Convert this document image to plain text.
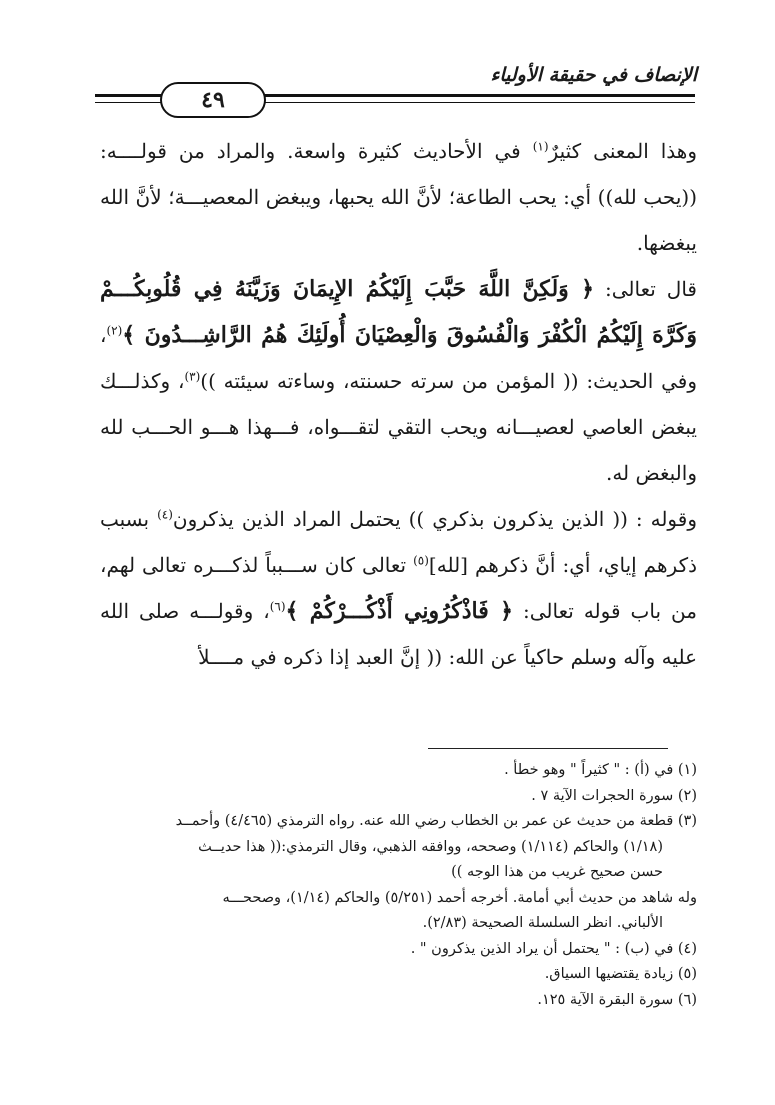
الإنصاف في حقيقة الأولياء
٤٩

وهذا المعنى كثيرٌ$^{(١)}$ في الأحاديث كثيرة واسعة. والمراد من قولــــه: ((يحب لله)) أي: يحب الطاعة؛ لأنَّ الله يحبها، ويبغض المعصيـــة؛ لأنَّ الله يبغضها.

قال تعالى: ﴿ وَلَكِنَّ اللَّهَ حَبَّبَ إِلَيْكُمُ الإِيمَانَ وَزَيَّنَهُ فِي قُلُوبِكُـــمْ وَكَرَّهَ إِلَيْكُمُ الْكُفْرَ وَالْفُسُوقَ وَالْعِصْيَانَ أُولَئِكَ هُمُ الرَّاشِـــدُونَ ﴾$^{(٢)}$، وفي الحديث: (( المؤمن من سرته حسنته، وساءته سيئته ))$^{(٣)}$، وكذلـــك يبغض العاصي لعصيـــانه ويحب التقي لتقـــواه، فـــهذا هـــو الحـــب لله والبغض له.

وقوله : (( الذين يذكرون بذكري )) يحتمل المراد الذين يذكرون$^{(٤)}$ بسبب ذكرهم إياي، أي: أنَّ ذكرهم [لله]$^{(٥)}$ تعالى كان ســـبباً لذكـــره تعالى لهم، من باب قوله تعالى: ﴿ فَاذْكُرُونِي أَذْكُـــرْكُمْ ﴾$^{(٦)}$، وقولـــه صلى الله عليه وآله وسلم حاكياً عن الله: (( إنَّ العبد إذا ذكره في مــــلأ

(١) في (أ) : " كثيراً " وهو خطأ .
(٢) سورة الحجرات الآية ٧ .
(٣) قطعة من حديث عن عمر بن الخطاب رضي الله عنه. رواه الترمذي (٤/٤٦٥) وأحمــد
(١/١٨) والحاكم (١/١١٤) وصححه، ووافقه الذهبي، وقال الترمذي:(( هذا حديــث
حسن صحيح غريب من هذا الوجه ))
وله شاهد من حديث أبي أمامة. أخرجه أحمد (٥/٢٥١) والحاكم (١/١٤)، وصححـــه
الألباني. انظر السلسلة الصحيحة (٢/٨٣).
(٤) في (ب) : " يحتمل أن يراد الذين يذكرون " .
(٥) زيادة يقتضيها السياق.
(٦) سورة البقرة الآية ١٢٥.
